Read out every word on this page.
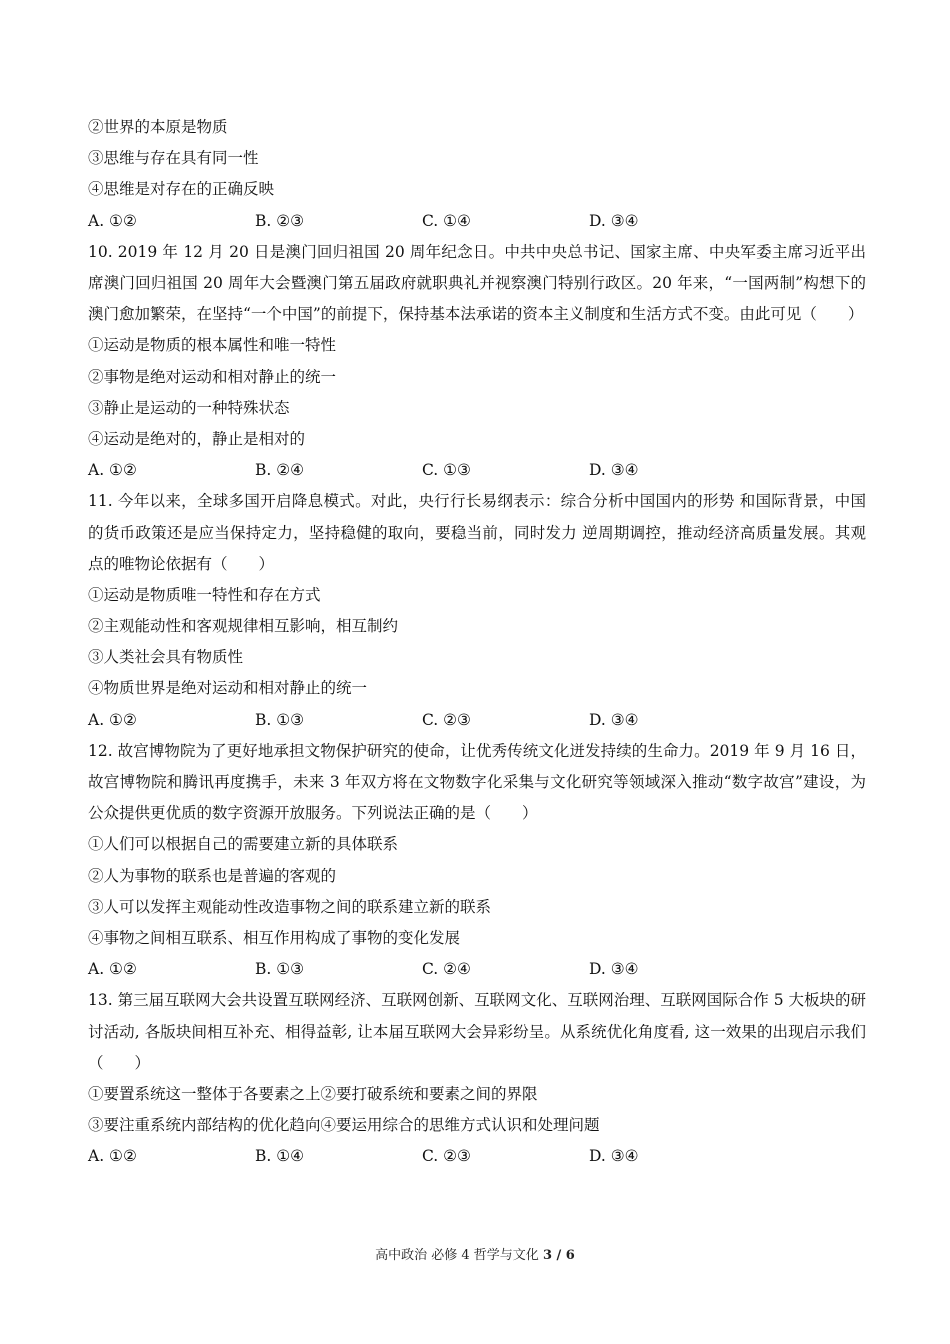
②世界的本原是物质
③思维与存在具有同一性
④思维是对存在的正确反映
A. ①②	B. ②③	C. ①④	D. ③④
10. 2019 年 12 月 20 日是澳门回归祖国 20 周年纪念日。中共中央总书记、国家主席、中央军委主席习近平出席澳门回归祖国 20 周年大会暨澳门第五届政府就职典礼并视察澳门特别行政区。20 年来，“一国两制”构想下的澳门愈加繁荣，在坚持“一个中国”的前提下，保持基本法承诺的资本主义制度和生活方式不变。由此可见（　　）
①运动是物质的根本属性和唯一特性
②事物是绝对运动和相对静止的统一
③静止是运动的一种特殊状态
④运动是绝对的，静止是相对的
A. ①②	B. ②④	C. ①③	D. ③④
11. 今年以来，全球多国开启降息模式。对此，央行行长易纲表示：综合分析中国国内的形势 和国际背景，中国的货币政策还是应当保持定力，坚持稳健的取向，要稳当前，同时发力 逆周期调控，推动经济高质量发展。其观点的唯物论依据有（　　）
①运动是物质唯一特性和存在方式
②主观能动性和客观规律相互影响，相互制约
③人类社会具有物质性
④物质世界是绝对运动和相对静止的统一
A. ①②	B. ①③	C. ②③	D. ③④
12. 故宫博物院为了更好地承担文物保护研究的使命，让优秀传统文化迸发持续的生命力。2019 年 9 月 16 日，故宫博物院和腾讯再度携手，未来 3 年双方将在文物数字化采集与文化研究等领域深入推动“数字故宫”建设，为公众提供更优质的数字资源开放服务。下列说法正确的是（　　）
①人们可以根据自己的需要建立新的具体联系
②人为事物的联系也是普遍的客观的
③人可以发挥主观能动性改造事物之间的联系建立新的联系
④事物之间相互联系、相互作用构成了事物的变化发展
A. ①②	B. ①③	C. ②④	D. ③④
13. 第三届互联网大会共设置互联网经济、互联网创新、互联网文化、互联网治理、互联网国际合作 5 大板块的研讨活动, 各版块间相互补充、相得益彰, 让本届互联网大会异彩纷呈。从系统优化角度看, 这一效果的出现启示我们（　　）
①要置系统这一整体于各要素之上②要打破系统和要素之间的界限
③要注重系统内部结构的优化趋向④要运用综合的思维方式认识和处理问题
A. ①②	B. ①④	C. ②③	D. ③④
高中政治 必修 4 哲学与文化 3 / 6
